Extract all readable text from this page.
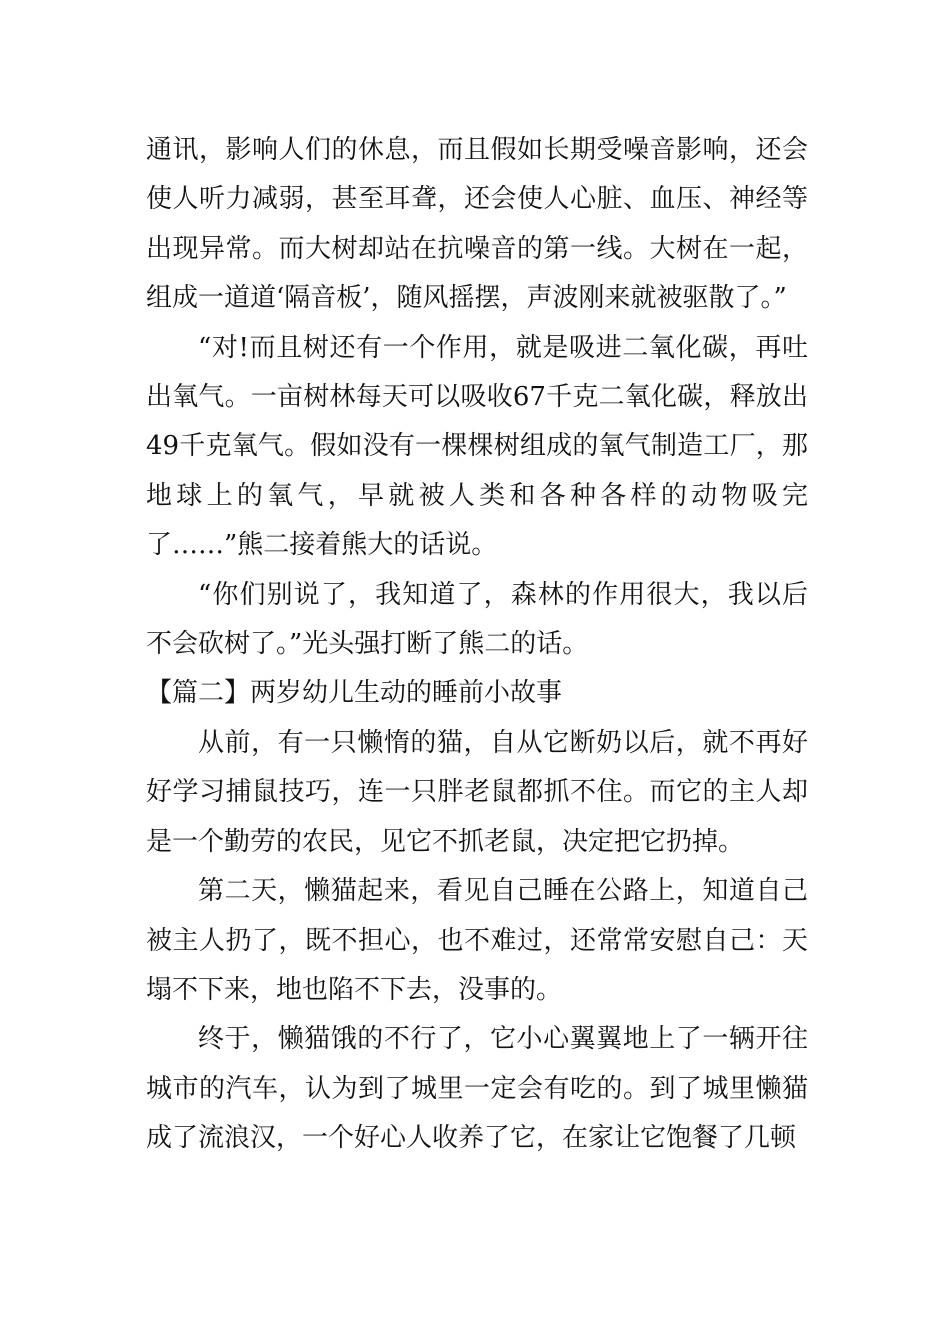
通讯，影响人们的休息，而且假如长期受噪音影响，还会使人听力减弱，甚至耳聋，还会使人心脏、血压、神经等出现异常。而大树却站在抗噪音的第一线。大树在一起，组成一道道‘隔音板’，随风摇摆，声波刚来就被驱散了。”

“对!而且树还有一个作用，就是吸进二氧化碳，再吐出氧气。一亩树林每天可以吸收67千克二氧化碳，释放出49千克氧气。假如没有一棵棵树组成的氧气制造工厂，那地球上的氧气，早就被人类和各种各样的动物吸完了……”熊二接着熊大的话说。

“你们别说了，我知道了，森林的作用很大，我以后不会砍树了。”光头强打断了熊二的话。

【篇二】两岁幼儿生动的睡前小故事

从前，有一只懒惰的猫，自从它断奶以后，就不再好好学习捕鼠技巧，连一只胖老鼠都抓不住。而它的主人却是一个勤劳的农民，见它不抓老鼠，决定把它扔掉。

第二天，懒猫起来，看见自己睡在公路上，知道自己被主人扔了，既不担心，也不难过，还常常安慰自己：天塌不下来，地也陷不下去，没事的。

终于，懒猫饿的不行了，它小心翼翼地上了一辆开往城市的汽车，认为到了城里一定会有吃的。到了城里懒猫成了流浪汉，一个好心人收养了它，在家让它饱餐了几顿
